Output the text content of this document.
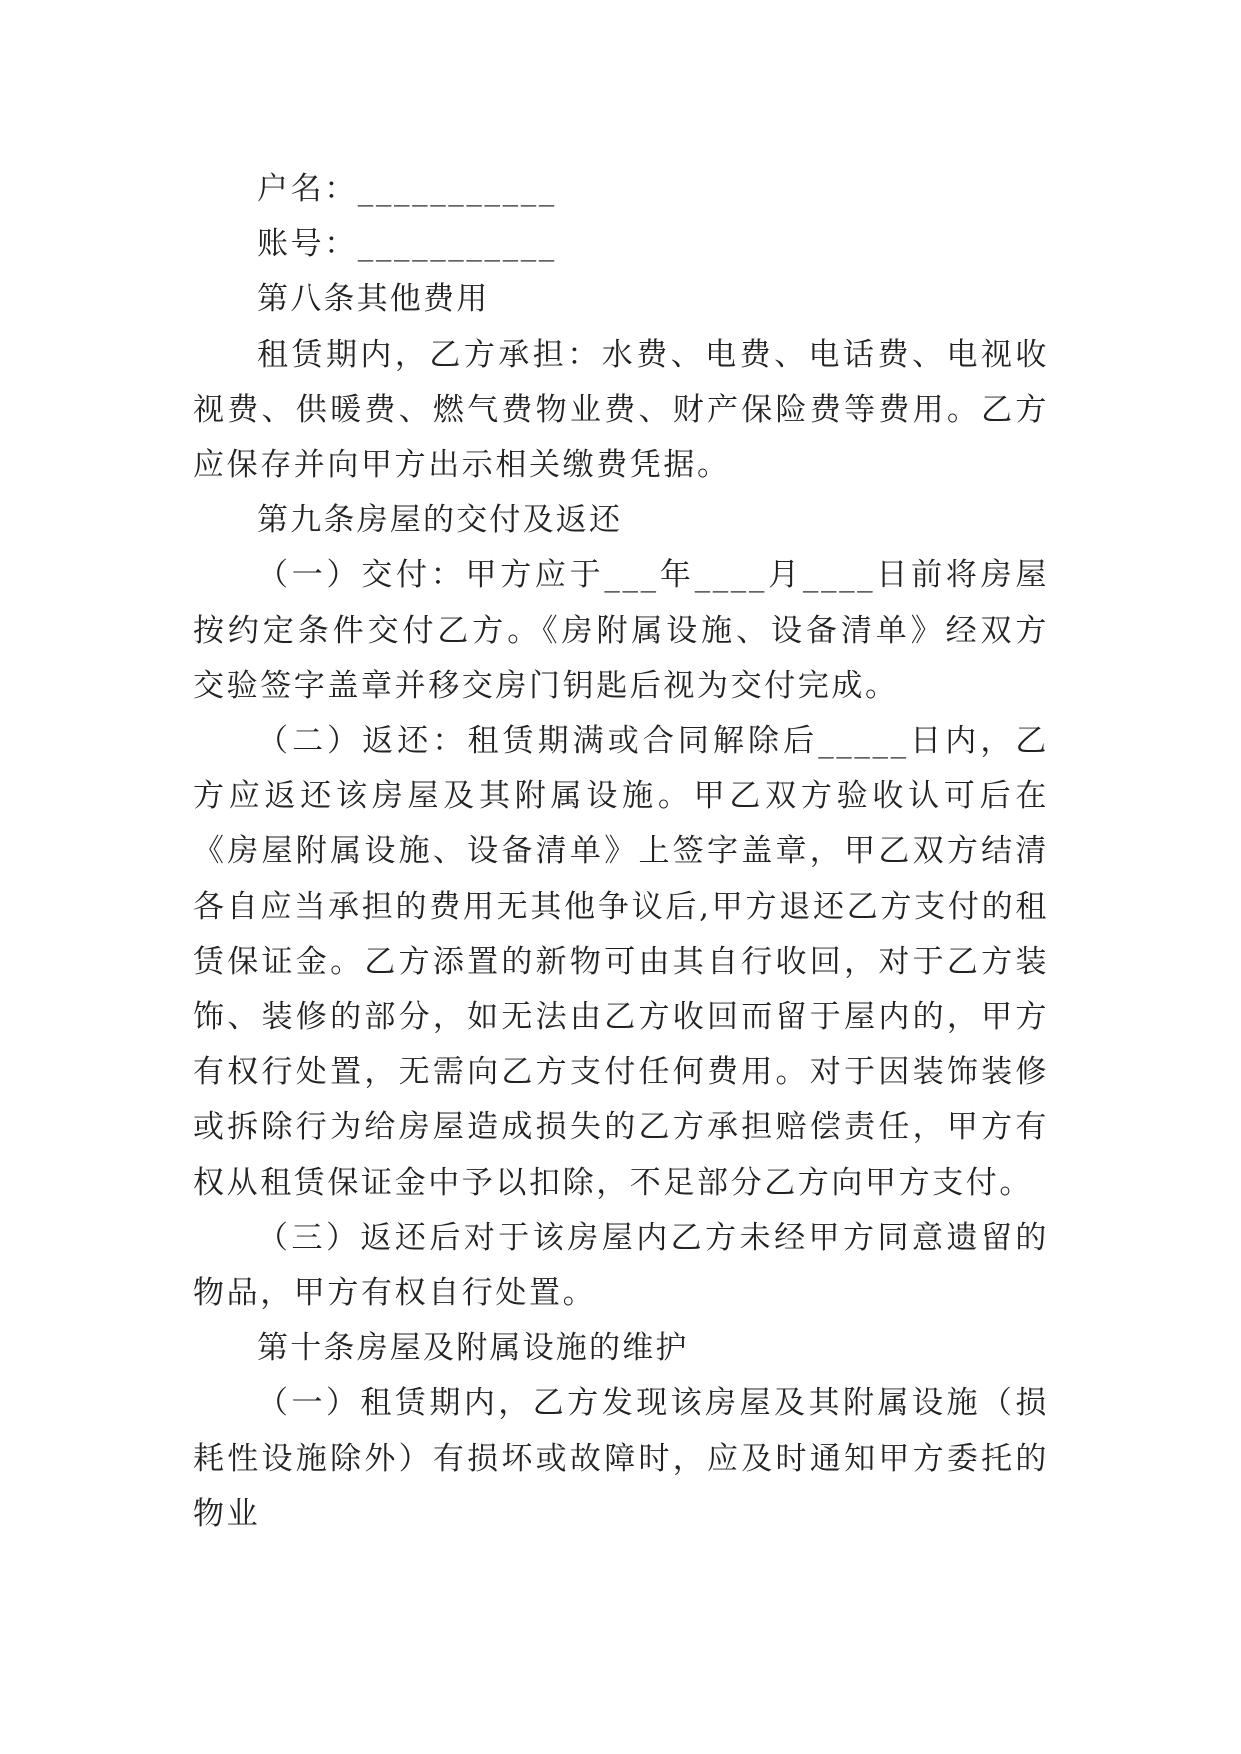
户名：___________

账号：___________

第八条其他费用

租赁期内，乙方承担：水费、电费、电话费、电视收视费、供暖费、燃气费物业费、财产保险费等费用。乙方应保存并向甲方出示相关缴费凭据。

第九条房屋的交付及返还

（一）交付：甲方应于___年____月____日前将房屋按约定条件交付乙方。《房附属设施、设备清单》经双方交验签字盖章并移交房门钥匙后视为交付完成。

（二）返还：租赁期满或合同解除后_____日内，乙方应返还该房屋及其附属设施。甲乙双方验收认可后在《房屋附属设施、设备清单》上签字盖章，甲乙双方结清各自应当承担的费用无其他争议后,甲方退还乙方支付的租赁保证金。乙方添置的新物可由其自行收回，对于乙方装饰、装修的部分，如无法由乙方收回而留于屋内的，甲方有权行处置，无需向乙方支付任何费用。对于因装饰装修或拆除行为给房屋造成损失的乙方承担赔偿责任，甲方有权从租赁保证金中予以扣除，不足部分乙方向甲方支付。

（三）返还后对于该房屋内乙方未经甲方同意遗留的物品，甲方有权自行处置。

第十条房屋及附属设施的维护

（一）租赁期内，乙方发现该房屋及其附属设施（损耗性设施除外）有损坏或故障时，应及时通知甲方委托的物业
